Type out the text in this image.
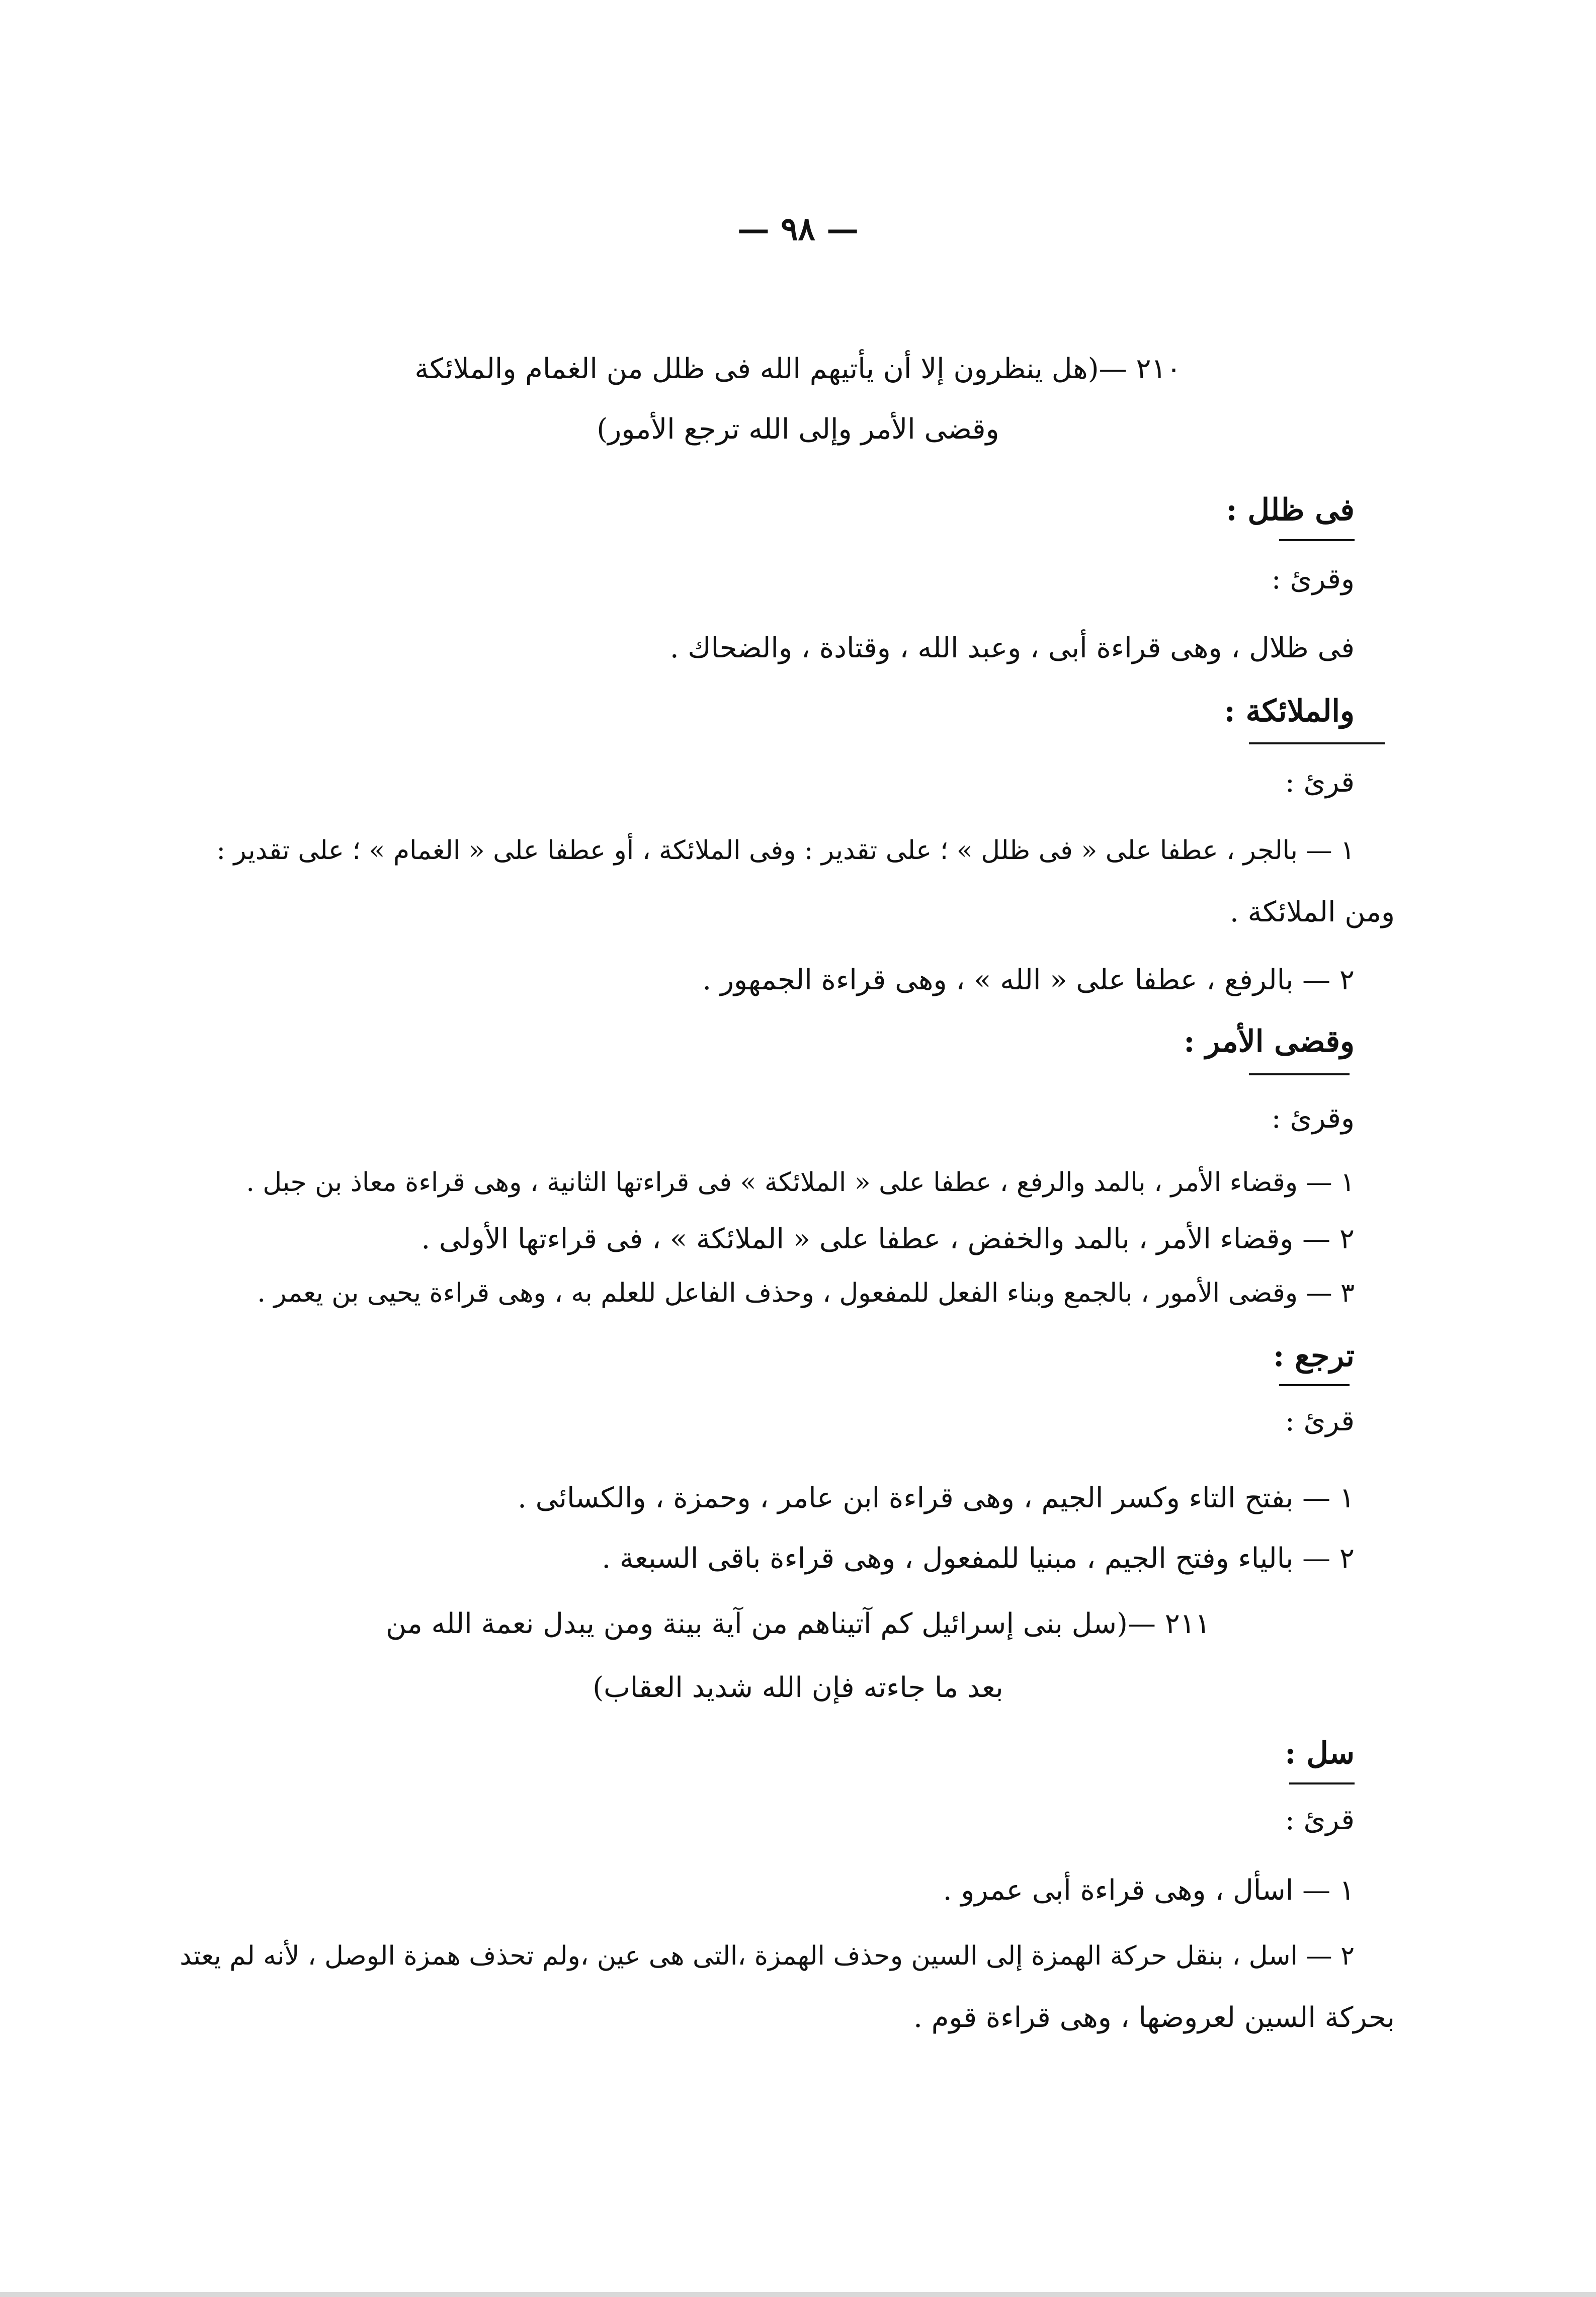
— ٩٨ —
٢١٠ —(هل ينظرون إلا أن يأتيهم الله فى ظلل من الغمام والملائكة
وقضى الأمر وإلى الله ترجع الأمور)
فى ظلل :
وقرئ :
فى ظلال ، وهى قراءة أبى ، وعبد الله ، وقتادة ، والضحاك .
والملائكة :
قرئ :
١ — بالجر ، عطفا على « فى ظلل » ؛ على تقدير : وفى الملائكة ، أو عطفا على « الغمام » ؛ على تقدير :
ومن الملائكة .
٢ — بالرفع ، عطفا على « الله » ، وهى قراءة الجمهور .
وقضى الأمر :
وقرئ :
١ — وقضاء الأمر ، بالمد والرفع ، عطفا على « الملائكة » فى قراءتها الثانية ، وهى قراءة معاذ بن جبل .
٢ — وقضاء الأمر ، بالمد والخفض ، عطفا على « الملائكة » ، فى قراءتها الأولى .
٣ — وقضى الأمور ، بالجمع وبناء الفعل للمفعول ، وحذف الفاعل للعلم به ، وهى قراءة يحيى بن يعمر .
ترجع :
قرئ :
١ — بفتح التاء وكسر الجيم ، وهى قراءة ابن عامر ، وحمزة ، والكسائى .
٢ — بالياء وفتح الجيم ، مبنيا للمفعول ، وهى قراءة باقى السبعة .
٢١١ —(سل بنى إسرائيل كم آتيناهم من آية بينة ومن يبدل نعمة الله من
بعد ما جاءته فإن الله شديد العقاب)
سل :
قرئ :
١ — اسأل ، وهى قراءة أبى عمرو .
٢ — اسل ، بنقل حركة الهمزة إلى السين وحذف الهمزة ،التى هى عين ،ولم تحذف همزة الوصل ، لأنه لم يعتد
بحركة السين لعروضها ، وهى قراءة قوم .
